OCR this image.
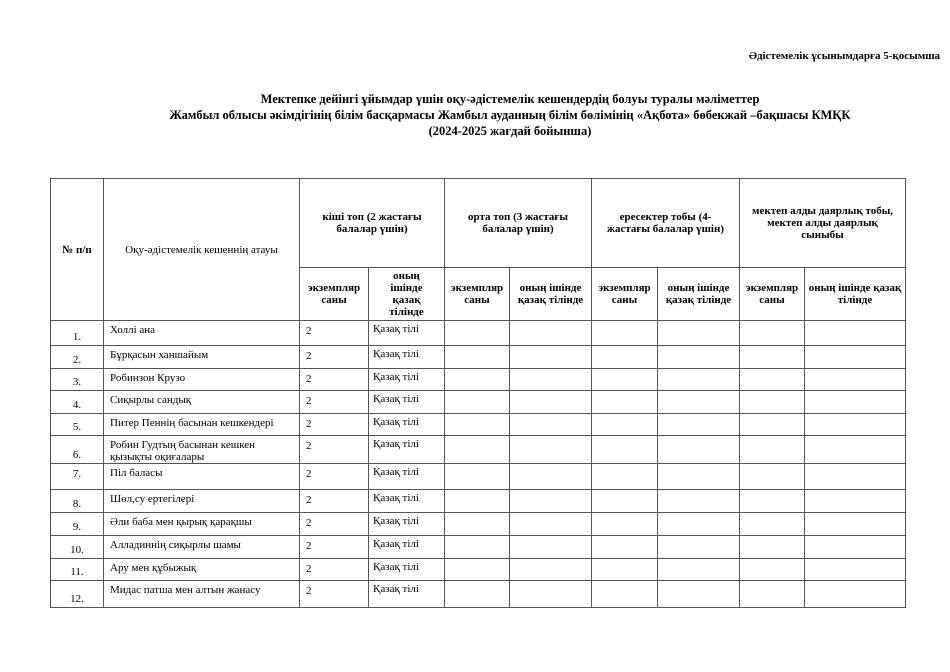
Әдістемелік ұсынымдарға 5-қосымша
Мектепке дейінгі ұйымдар үшін оқу-әдістемелік кешендердің болуы туралы мәліметтер
Жамбыл облысы әкімдігінің білім басқармасы Жамбыл ауданның білім бөлімінің «Ақбота» бөбекжай –бақшасы КМҚК
(2024-2025 жағдай бойынша)
№ п/п	Оқу-әдістемелік кешеннің атауы	кіші топ (2 жастағы балалар үшін)		орта топ (3 жастағы балалар үшін)		ересектер тобы (4-жастағы балалар үшін)		мектеп алды даярлық тобы, мектеп алды даярлық сыныбы	
		экземпляр саны	оның ішінде қазақ тілінде	экземпляр саны	оның ішінде қазақ тілінде	экземпляр саны	оның ішінде қазақ тілінде	экземпляр саны	оның ішінде қазақ тілінде
1.	Холлі ана	2	Қазақ тілі						
2.	Бұрқасын ханшайым	2	Қазақ тілі						
3.	Робинзон Крузо	2	Қазақ тілі						
4.	Сиқырлы сандық	2	Қазақ тілі						
5.	Питер Пеннің басынан кешкендері	2	Қазақ тілі						
6.	Робин Гудтың басынан кешкен қызықты оқиғалары	2	Қазақ тілі						
7.	Піл баласы	2	Қазақ тілі						
8.	Шөл,су ертегілері	2	Қазақ тілі						
9.	Әли баба мен қырық қарақшы	2	Қазақ тілі						
10.	Алладиннің сиқырлы шамы	2	Қазақ тілі						
11.	Ару мен құбыжық	2	Қазақ тілі						
12.	Мидас патша мен алтын жанасу	2	Қазақ тілі						
